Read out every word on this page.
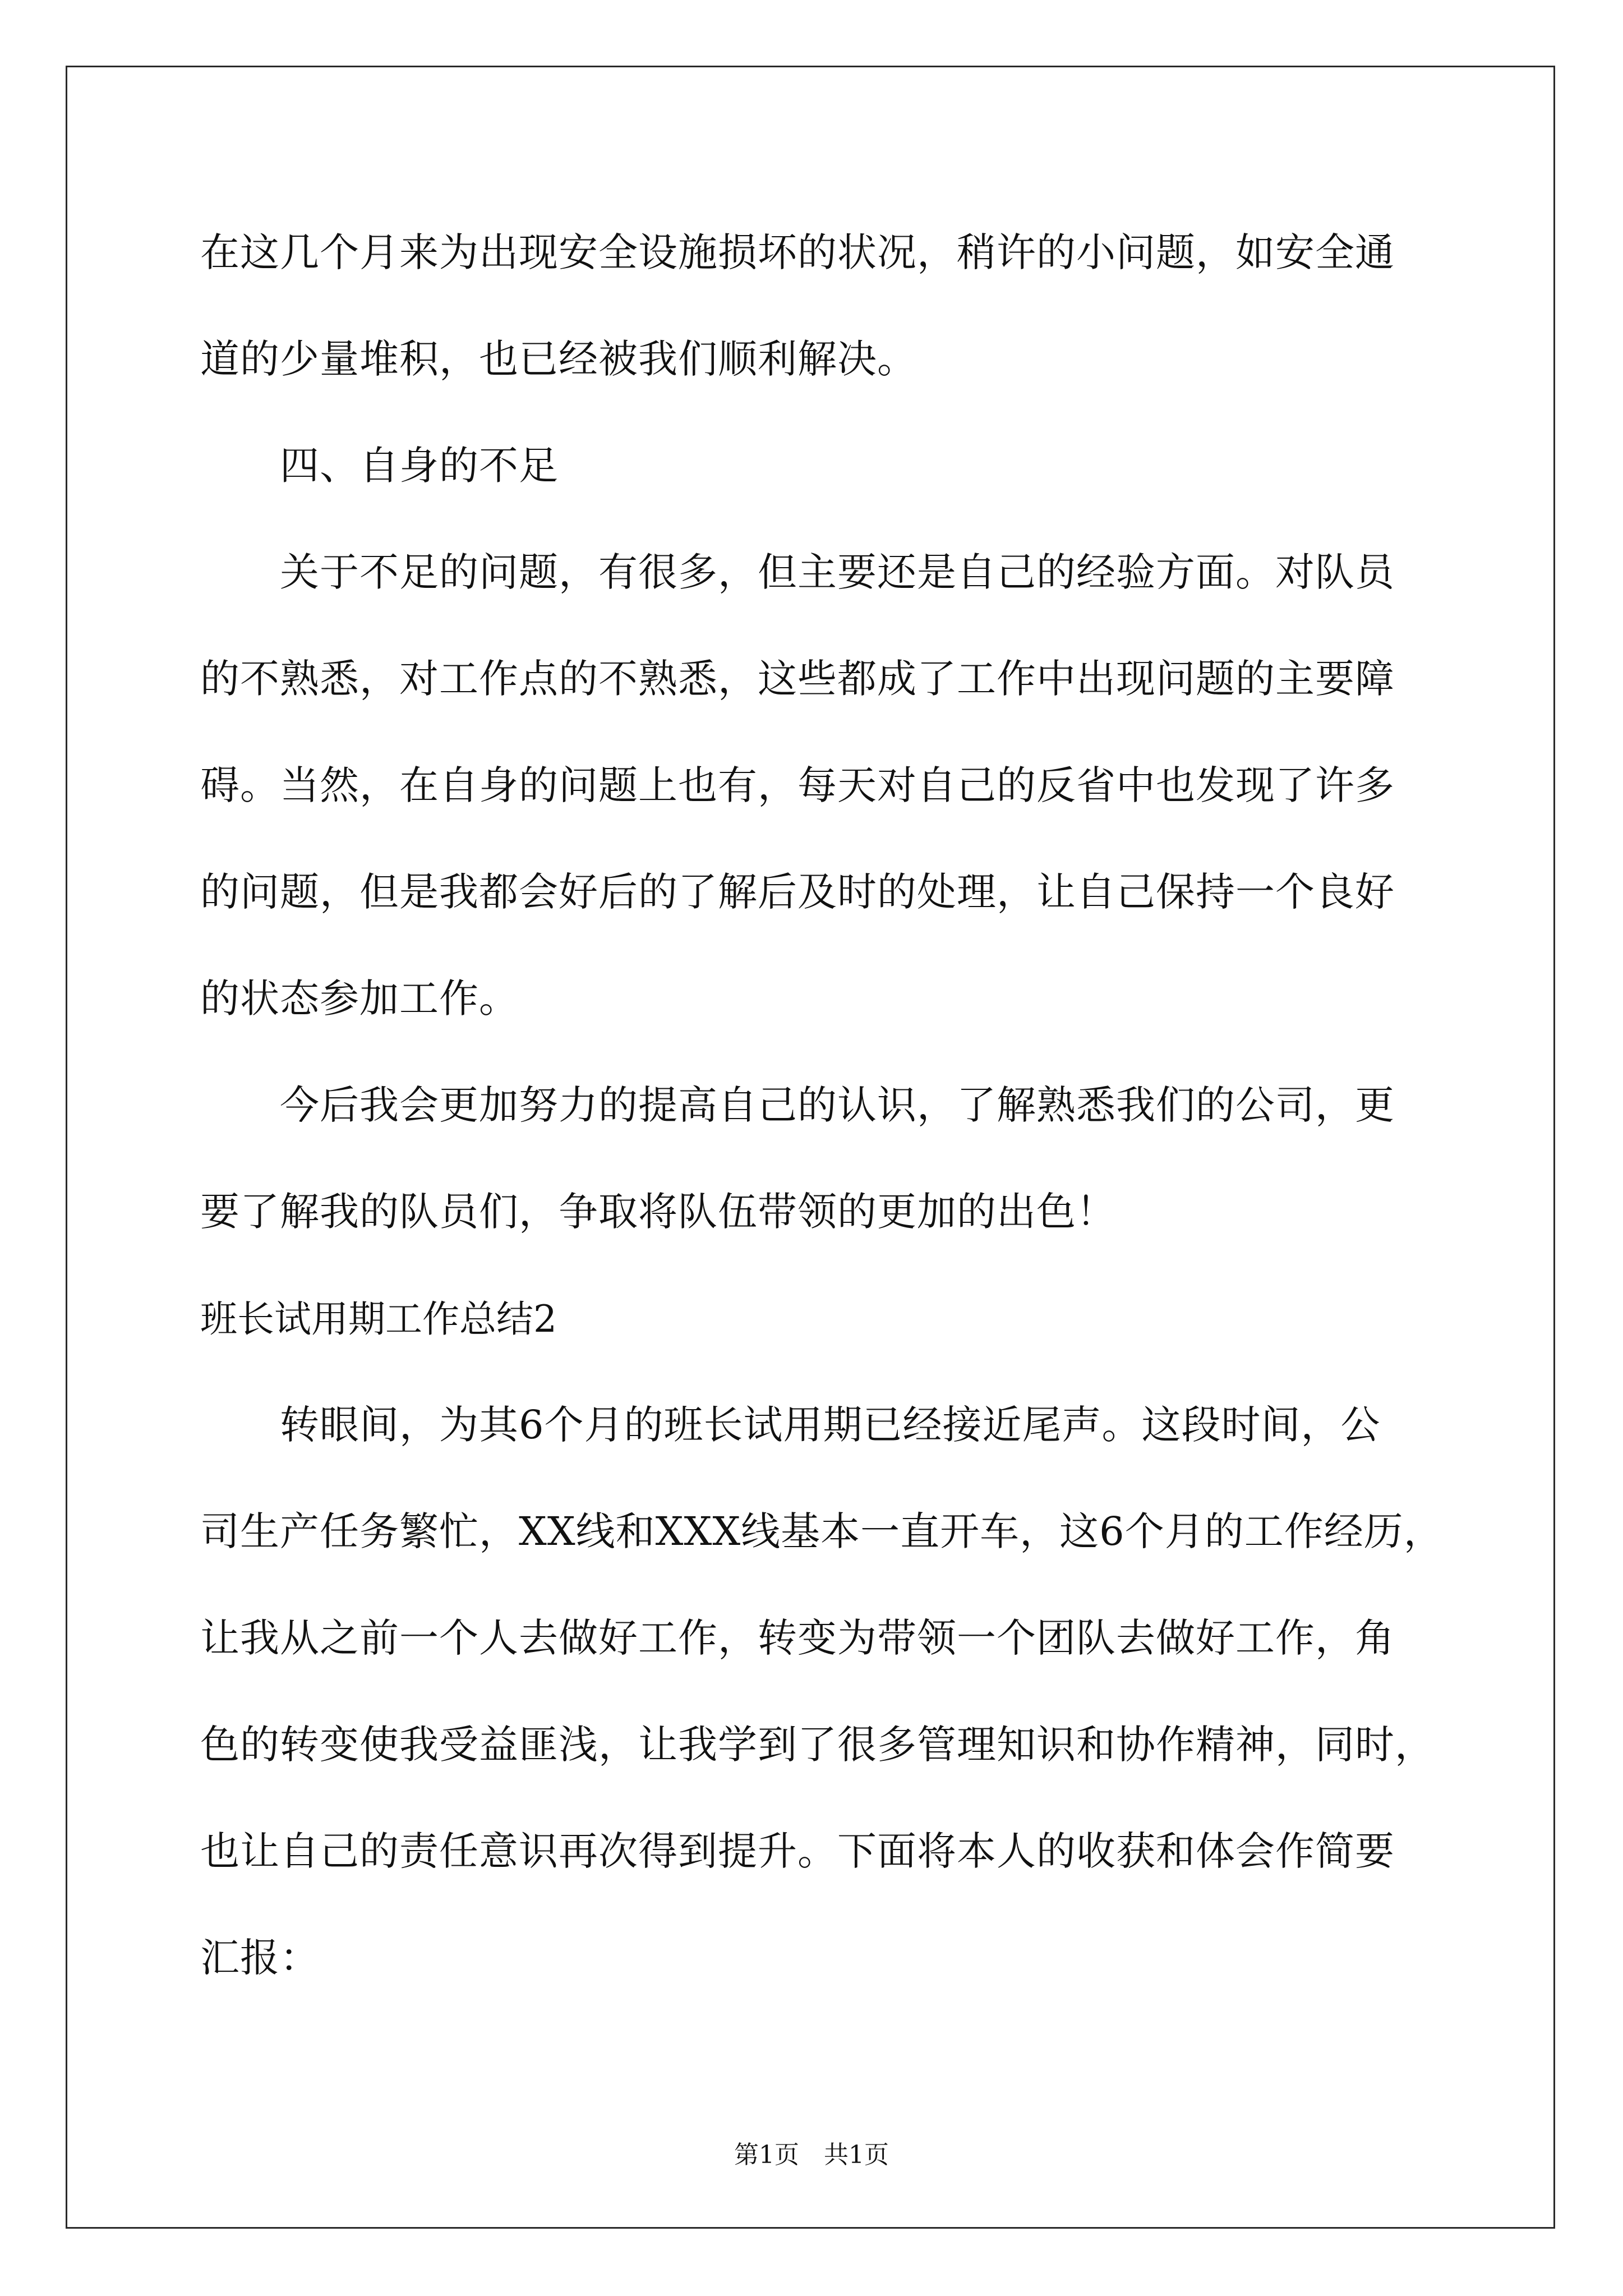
在这几个月来为出现安全设施损坏的状况，稍许的小问题，如安全通

道的少量堆积，也已经被我们顺利解决。

　　四、自身的不足

　　关于不足的问题，有很多，但主要还是自己的经验方面。对队员

的不熟悉，对工作点的不熟悉，这些都成了工作中出现问题的主要障

碍。当然，在自身的问题上也有，每天对自己的反省中也发现了许多

的问题，但是我都会好后的了解后及时的处理，让自己保持一个良好

的状态参加工作。

　　今后我会更加努力的提高自己的认识，了解熟悉我们的公司，更

要了解我的队员们，争取将队伍带领的更加的出色！

班长试用期工作总结2

　　转眼间，为其6个月的班长试用期已经接近尾声。这段时间，公

司生产任务繁忙，XX线和XXX线基本一直开车，这6个月的工作经历，

让我从之前一个人去做好工作，转变为带领一个团队去做好工作，角

色的转变使我受益匪浅，让我学到了很多管理知识和协作精神，同时，

也让自己的责任意识再次得到提升。下面将本人的收获和体会作简要

汇报：

第1页　共1页
